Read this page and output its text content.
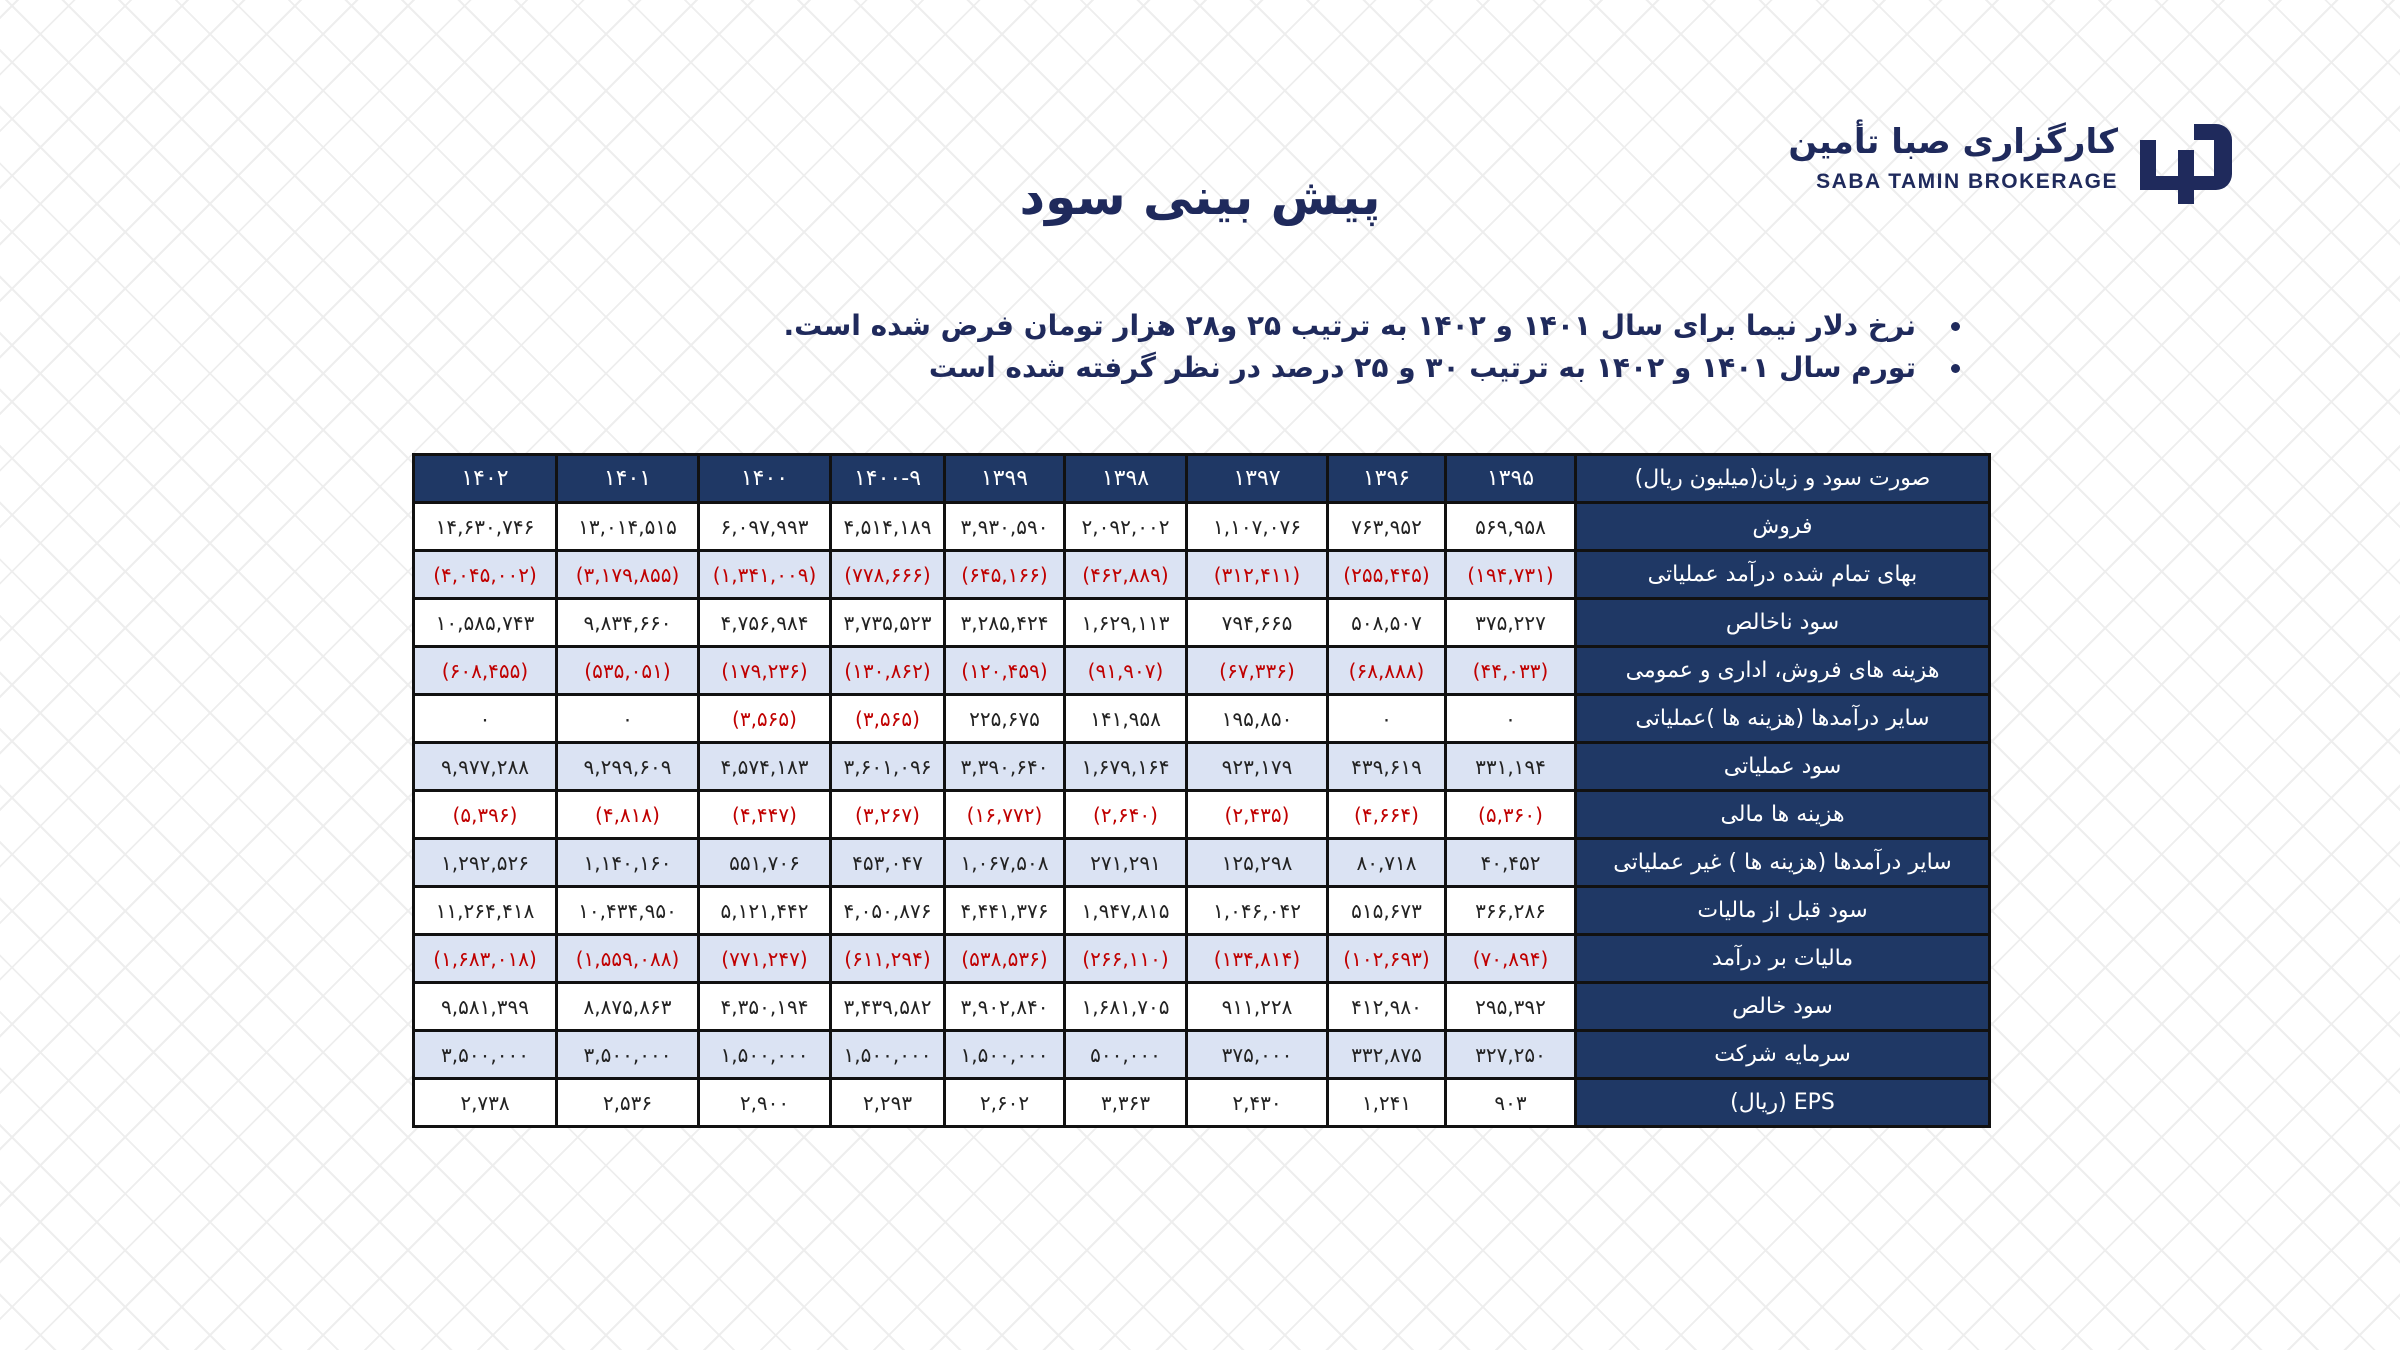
کارگزاری صبا تأمین
SABA TAMIN BROKERAGE
پیش بینی سود
نرخ دلار نیما برای سال ۱۴۰۱ و ۱۴۰۲ به ترتیب ۲۵ و۲۸ هزار تومان فرض شده است.
تورم سال ۱۴۰۱ و ۱۴۰۲ به ترتیب ۳۰ و ۲۵ درصد در نظر گرفته شده است
صورت سود و زیان(میلیون ریال)	۱۳۹۵	۱۳۹۶	۱۳۹۷	۱۳۹۸	۱۳۹۹	۱۴۰۰-۹	۱۴۰۰	۱۴۰۱	۱۴۰۲
فروش	۵۶۹,۹۵۸	۷۶۳,۹۵۲	۱,۱۰۷,۰۷۶	۲,۰۹۲,۰۰۲	۳,۹۳۰,۵۹۰	۴,۵۱۴,۱۸۹	۶,۰۹۷,۹۹۳	۱۳,۰۱۴,۵۱۵	۱۴,۶۳۰,۷۴۶
بهای تمام شده درآمد عملیاتی	(۱۹۴,۷۳۱)	(۲۵۵,۴۴۵)	(۳۱۲,۴۱۱)	(۴۶۲,۸۸۹)	(۶۴۵,۱۶۶)	(۷۷۸,۶۶۶)	(۱,۳۴۱,۰۰۹)	(۳,۱۷۹,۸۵۵)	(۴,۰۴۵,۰۰۲)
سود ناخالص	۳۷۵,۲۲۷	۵۰۸,۵۰۷	۷۹۴,۶۶۵	۱,۶۲۹,۱۱۳	۳,۲۸۵,۴۲۴	۳,۷۳۵,۵۲۳	۴,۷۵۶,۹۸۴	۹,۸۳۴,۶۶۰	۱۰,۵۸۵,۷۴۳
هزینه های فروش، اداری و عمومی	(۴۴,۰۳۳)	(۶۸,۸۸۸)	(۶۷,۳۳۶)	(۹۱,۹۰۷)	(۱۲۰,۴۵۹)	(۱۳۰,۸۶۲)	(۱۷۹,۲۳۶)	(۵۳۵,۰۵۱)	(۶۰۸,۴۵۵)
سایر درآمدها (هزینه ها )عملیاتی	۰	۰	۱۹۵,۸۵۰	۱۴۱,۹۵۸	۲۲۵,۶۷۵	(۳,۵۶۵)	(۳,۵۶۵)	۰	۰
سود عملیاتی	۳۳۱,۱۹۴	۴۳۹,۶۱۹	۹۲۳,۱۷۹	۱,۶۷۹,۱۶۴	۳,۳۹۰,۶۴۰	۳,۶۰۱,۰۹۶	۴,۵۷۴,۱۸۳	۹,۲۹۹,۶۰۹	۹,۹۷۷,۲۸۸
هزینه ها مالی	(۵,۳۶۰)	(۴,۶۶۴)	(۲,۴۳۵)	(۲,۶۴۰)	(۱۶,۷۷۲)	(۳,۲۶۷)	(۴,۴۴۷)	(۴,۸۱۸)	(۵,۳۹۶)
سایر درآمدها (هزینه ها ) غیر عملیاتی	۴۰,۴۵۲	۸۰,۷۱۸	۱۲۵,۲۹۸	۲۷۱,۲۹۱	۱,۰۶۷,۵۰۸	۴۵۳,۰۴۷	۵۵۱,۷۰۶	۱,۱۴۰,۱۶۰	۱,۲۹۲,۵۲۶
سود قبل از مالیات	۳۶۶,۲۸۶	۵۱۵,۶۷۳	۱,۰۴۶,۰۴۲	۱,۹۴۷,۸۱۵	۴,۴۴۱,۳۷۶	۴,۰۵۰,۸۷۶	۵,۱۲۱,۴۴۲	۱۰,۴۳۴,۹۵۰	۱۱,۲۶۴,۴۱۸
مالیات بر درآمد	(۷۰,۸۹۴)	(۱۰۲,۶۹۳)	(۱۳۴,۸۱۴)	(۲۶۶,۱۱۰)	(۵۳۸,۵۳۶)	(۶۱۱,۲۹۴)	(۷۷۱,۲۴۷)	(۱,۵۵۹,۰۸۸)	(۱,۶۸۳,۰۱۸)
سود خالص	۲۹۵,۳۹۲	۴۱۲,۹۸۰	۹۱۱,۲۲۸	۱,۶۸۱,۷۰۵	۳,۹۰۲,۸۴۰	۳,۴۳۹,۵۸۲	۴,۳۵۰,۱۹۴	۸,۸۷۵,۸۶۳	۹,۵۸۱,۳۹۹
سرمایه شرکت	۳۲۷,۲۵۰	۳۳۲,۸۷۵	۳۷۵,۰۰۰	۵۰۰,۰۰۰	۱,۵۰۰,۰۰۰	۱,۵۰۰,۰۰۰	۱,۵۰۰,۰۰۰	۳,۵۰۰,۰۰۰	۳,۵۰۰,۰۰۰
EPS (ریال)	۹۰۳	۱,۲۴۱	۲,۴۳۰	۳,۳۶۳	۲,۶۰۲	۲,۲۹۳	۲,۹۰۰	۲,۵۳۶	۲,۷۳۸
